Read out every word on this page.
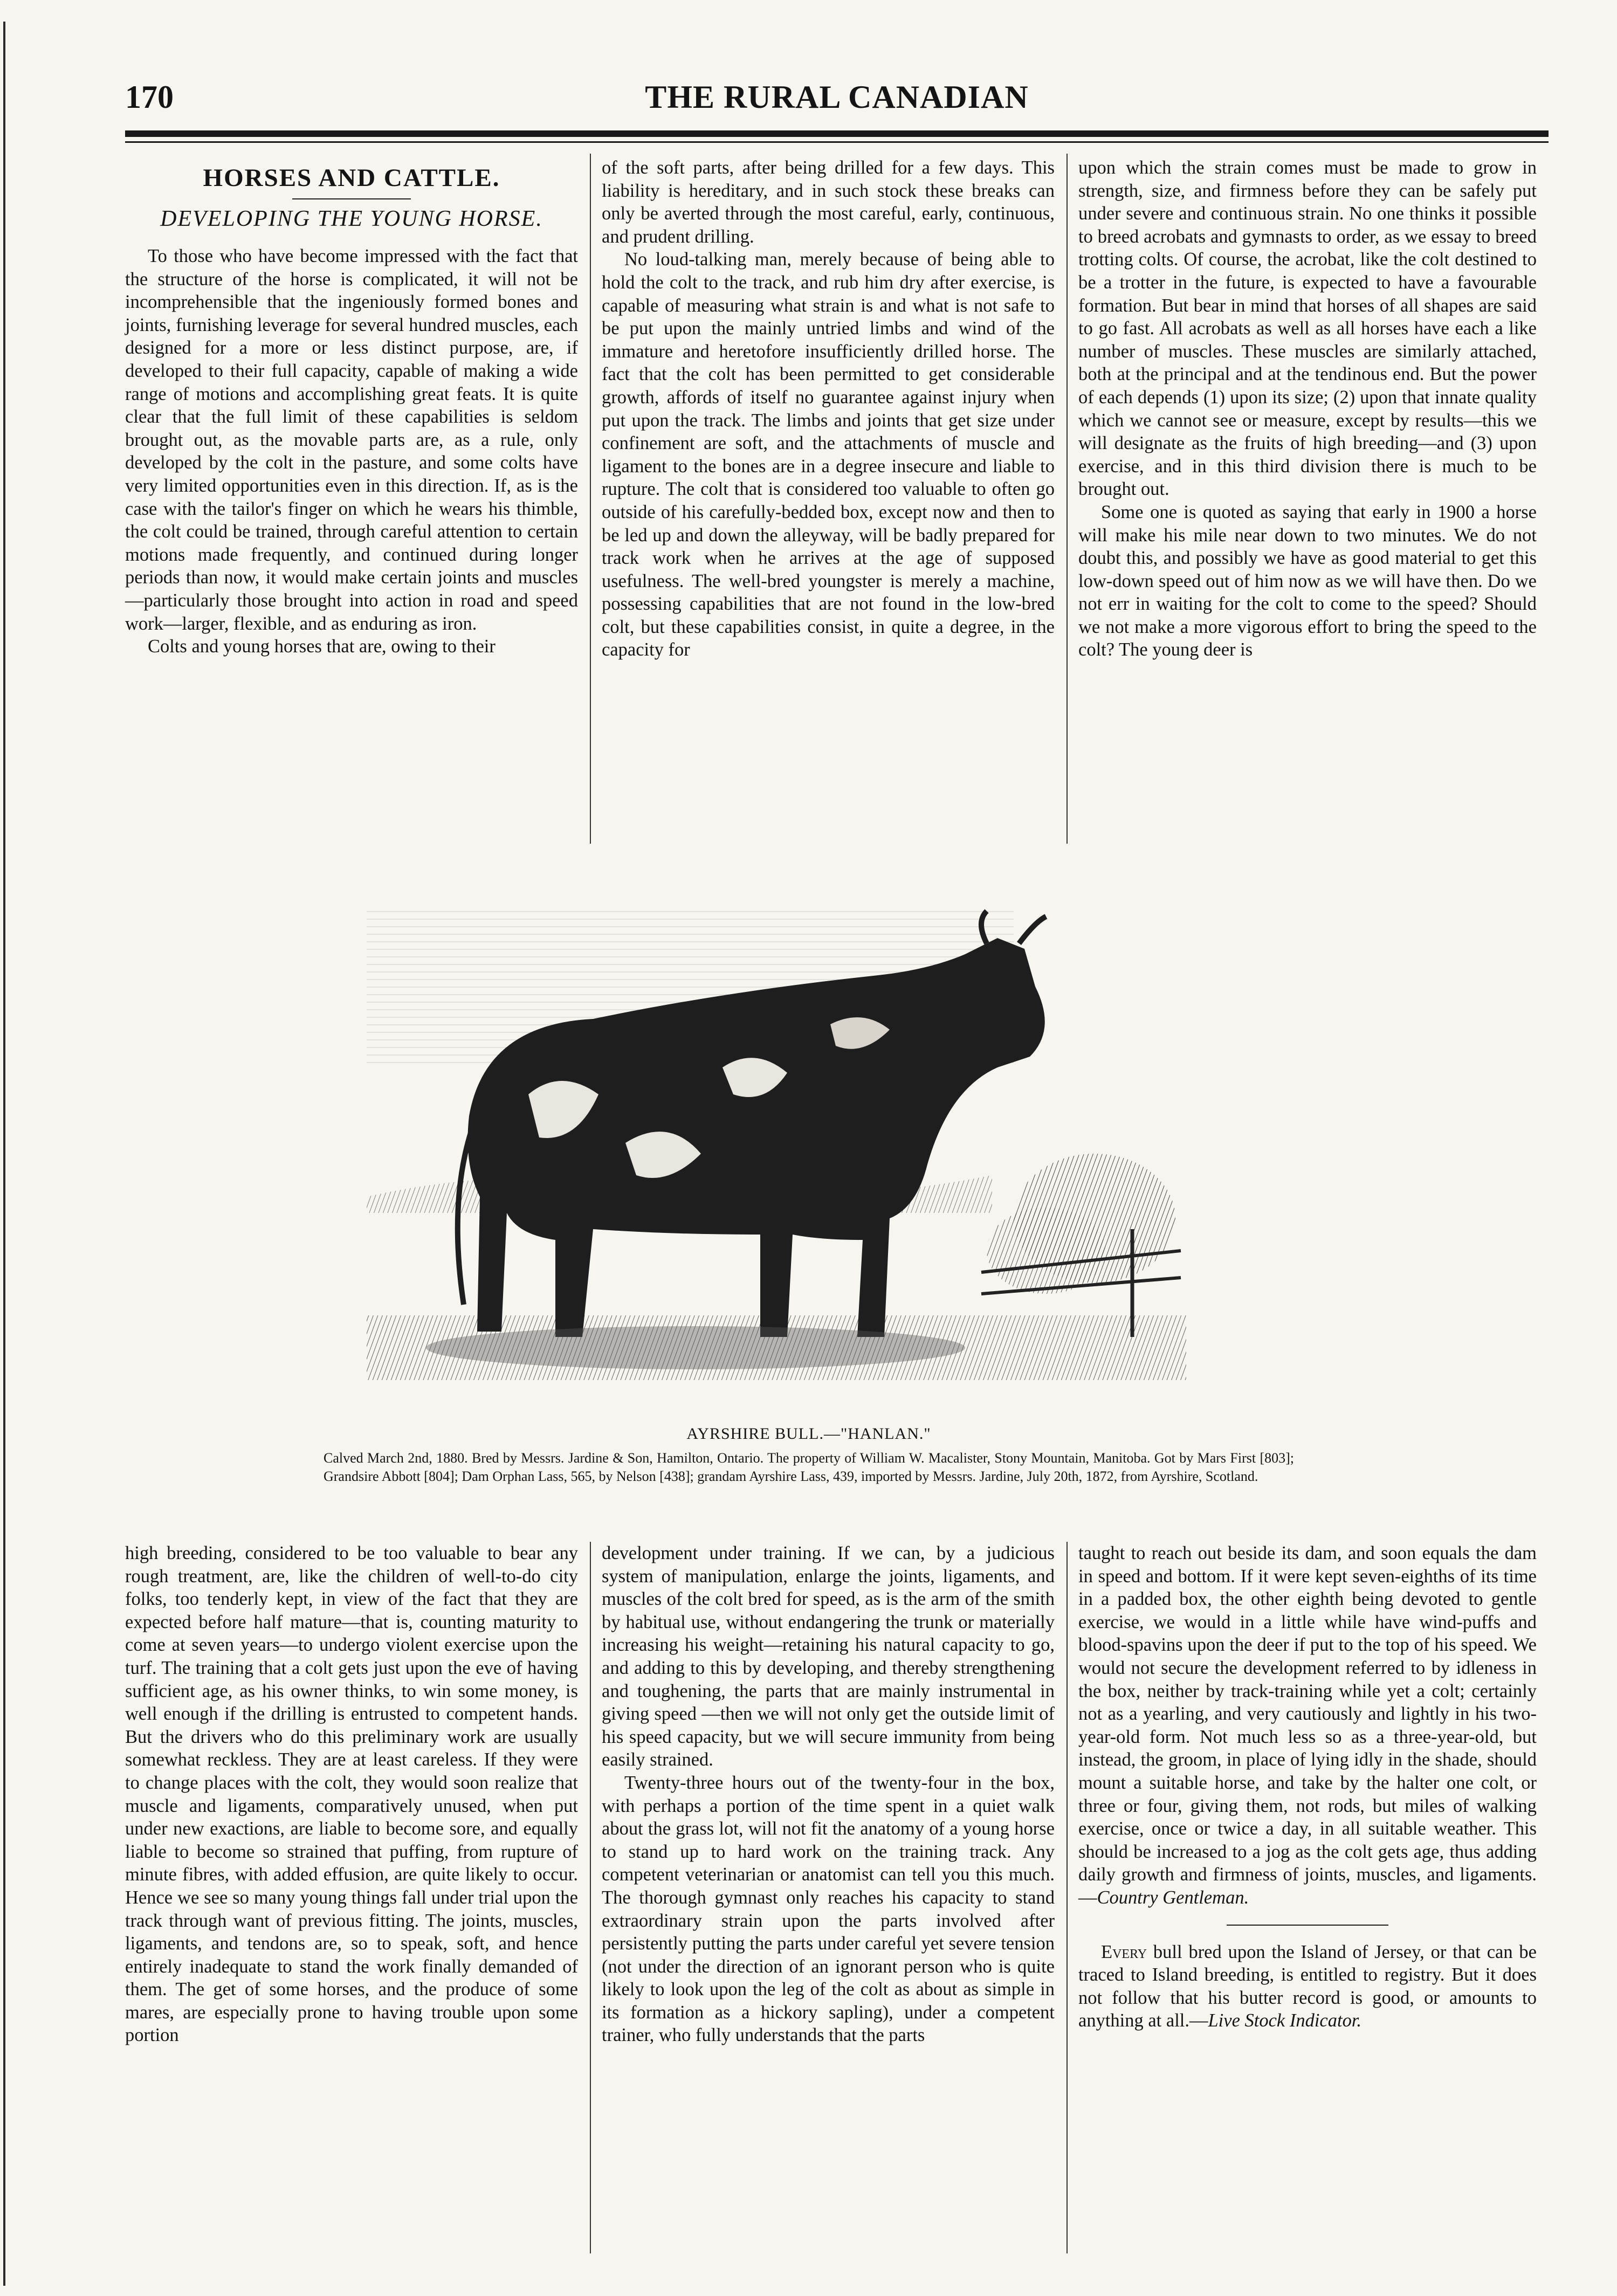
170	THE RURAL CANADIAN
HORSES AND CATTLE.
DEVELOPING THE YOUNG HORSE.

To those who have become impressed with the fact that the structure of the horse is complicated, it will not be incomprehensible that the ingeniously formed bones and joints, furnishing leverage for several hundred muscles, each designed for a more or less distinct purpose, are, if developed to their full capacity, capable of making a wide range of motions and accomplishing great feats. It is quite clear that the full limit of these capabilities is seldom brought out, as the movable parts are, as a rule, only developed by the colt in the pasture, and some colts have very limited opportunities even in this direction. If, as is the case with the tailor's finger on which he wears his thimble, the colt could be trained, through careful attention to certain motions made frequently, and continued during longer periods than now, it would make certain joints and muscles—particularly those brought into action in road and speed work—larger, flexible, and as enduring as iron.

Colts and young horses that are, owing to their

of the soft parts, after being drilled for a few days. This liability is hereditary, and in such stock these breaks can only be averted through the most careful, early, continuous, and prudent drilling.

No loud-talking man, merely because of being able to hold the colt to the track, and rub him dry after exercise, is capable of measuring what strain is and what is not safe to be put upon the mainly untried limbs and wind of the immature and heretofore insufficiently drilled horse. The fact that the colt has been permitted to get considerable growth, affords of itself no guarantee against injury when put upon the track. The limbs and joints that get size under confinement are soft, and the attachments of muscle and ligament to the bones are in a degree insecure and liable to rupture. The colt that is considered too valuable to often go outside of his carefully-bedded box, except now and then to be led up and down the alleyway, will be badly prepared for track work when he arrives at the age of supposed usefulness. The well-bred youngster is merely a machine, possessing capabilities that are not found in the low-bred colt, but these capabilities consist, in quite a degree, in the capacity for

upon which the strain comes must be made to grow in strength, size, and firmness before they can be safely put under severe and continuous strain. No one thinks it possible to breed acrobats and gymnasts to order, as we essay to breed trotting colts. Of course, the acrobat, like the colt destined to be a trotter in the future, is expected to have a favourable formation. But bear in mind that horses of all shapes are said to go fast. All acrobats as well as all horses have each a like number of muscles. These muscles are similarly attached, both at the principal and at the tendinous end. But the power of each depends (1) upon its size; (2) upon that innate quality which we cannot see or measure, except by results—this we will designate as the fruits of high breeding—and (3) upon exercise, and in this third division there is much to be brought out.

Some one is quoted as saying that early in 1900 a horse will make his mile near down to two minutes. We do not doubt this, and possibly we have as good material to get this low-down speed out of him now as we will have then. Do we not err in waiting for the colt to come to the speed? Should we not make a more vigorous effort to bring the speed to the colt? The young deer is

AYRSHIRE BULL.—"HANLAN."
Calved March 2nd, 1880. Bred by Messrs. Jardine & Son, Hamilton, Ontario. The property of William W. Macalister, Stony Mountain, Manitoba. Got by Mars First [803]; Grandsire Abbott [804]; Dam Orphan Lass, 565, by Nelson [438]; grandam Ayrshire Lass, 439, imported by Messrs. Jardine, July 20th, 1872, from Ayrshire, Scotland.

high breeding, considered to be too valuable to bear any rough treatment, are, like the children of well-to-do city folks, too tenderly kept, in view of the fact that they are expected before half mature—that is, counting maturity to come at seven years—to undergo violent exercise upon the turf. The training that a colt gets just upon the eve of having sufficient age, as his owner thinks, to win some money, is well enough if the drilling is entrusted to competent hands. But the drivers who do this preliminary work are usually somewhat reckless. They are at least careless. If they were to change places with the colt, they would soon realize that muscle and ligaments, comparatively unused, when put under new exactions, are liable to become sore, and equally liable to become so strained that puffing, from rupture of minute fibres, with added effusion, are quite likely to occur. Hence we see so many young things fall under trial upon the track through want of previous fitting. The joints, muscles, ligaments, and tendons are, so to speak, soft, and hence entirely inadequate to stand the work finally demanded of them. The get of some horses, and the produce of some mares, are especially prone to having trouble upon some portion

development under training. If we can, by a judicious system of manipulation, enlarge the joints, ligaments, and muscles of the colt bred for speed, as is the arm of the smith by habitual use, without endangering the trunk or materially increasing his weight—retaining his natural capacity to go, and adding to this by developing, and thereby strengthening and toughening, the parts that are mainly instrumental in giving speed —then we will not only get the outside limit of his speed capacity, but we will secure immunity from being easily strained.

Twenty-three hours out of the twenty-four in the box, with perhaps a portion of the time spent in a quiet walk about the grass lot, will not fit the anatomy of a young horse to stand up to hard work on the training track. Any competent veterinarian or anatomist can tell you this much. The thorough gymnast only reaches his capacity to stand extraordinary strain upon the parts involved after persistently putting the parts under careful yet severe tension (not under the direction of an ignorant person who is quite likely to look upon the leg of the colt as about as simple in its formation as a hickory sapling), under a competent trainer, who fully understands that the parts

taught to reach out beside its dam, and soon equals the dam in speed and bottom. If it were kept seven-eighths of its time in a padded box, the other eighth being devoted to gentle exercise, we would in a little while have wind-puffs and blood-spavins upon the deer if put to the top of his speed. We would not secure the development referred to by idleness in the box, neither by track-training while yet a colt; certainly not as a yearling, and very cautiously and lightly in his two-year-old form. Not much less so as a three-year-old, but instead, the groom, in place of lying idly in the shade, should mount a suitable horse, and take by the halter one colt, or three or four, giving them, not rods, but miles of walking exercise, once or twice a day, in all suitable weather. This should be increased to a jog as the colt gets age, thus adding daily growth and firmness of joints, muscles, and ligaments.—Country Gentleman.

Every bull bred upon the Island of Jersey, or that can be traced to Island breeding, is entitled to registry. But it does not follow that his butter record is good, or amounts to anything at all.—Live Stock Indicator.
